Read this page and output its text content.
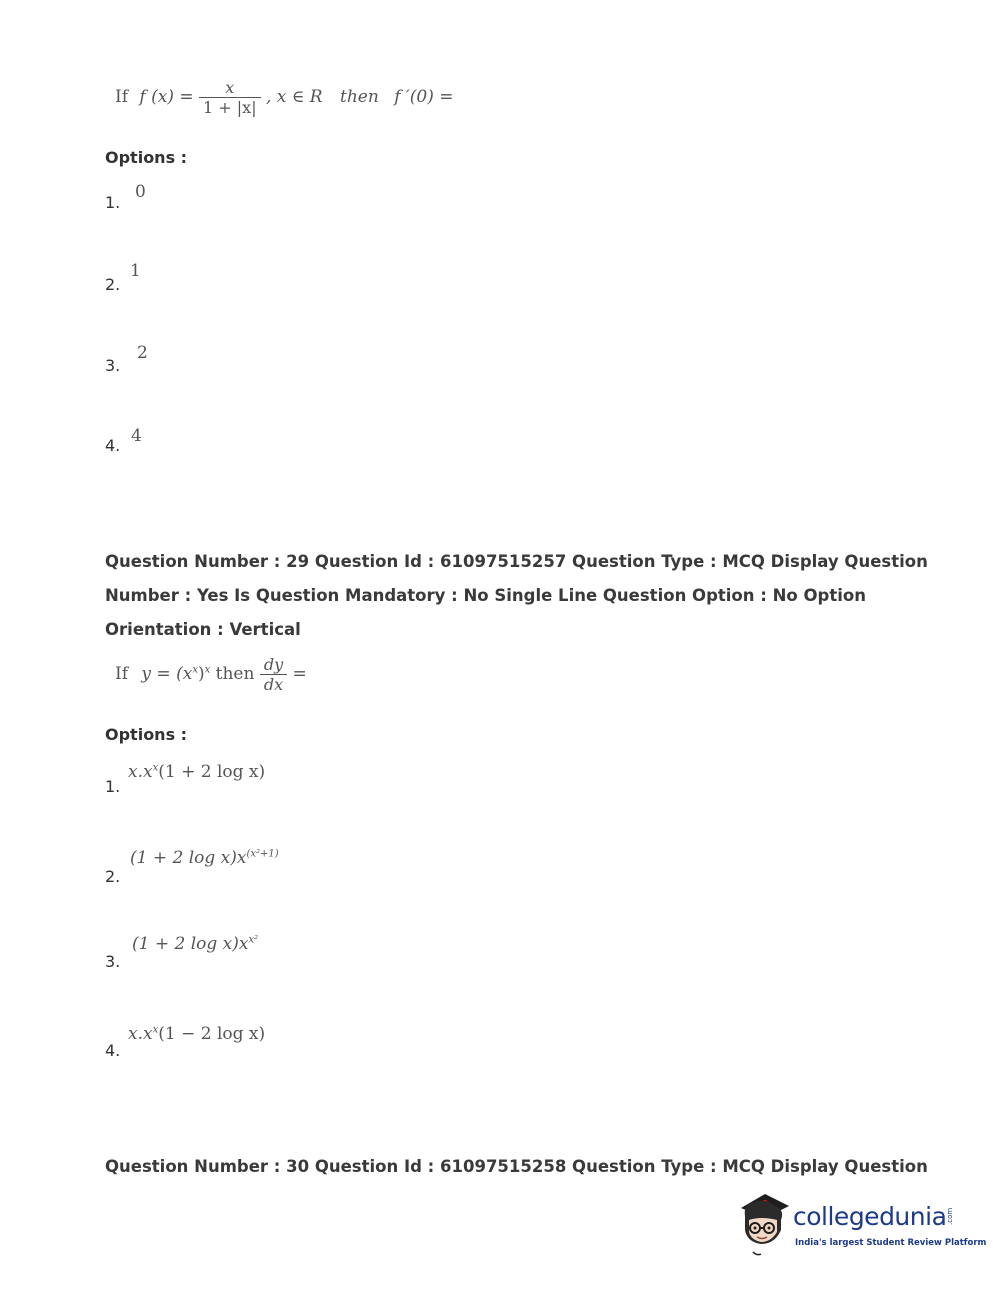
If f $(x) = \frac{x}{1 + |x|}$ , x ∈ R then f ′(0) =
Options :
1.
0
2.
1
3.
2
4. 4
Question Number : 29 Question Id : 61097515257 Question Type : MCQ Display Question
Number : Yes Is Question Mandatory : No Single Line Question Option : No Option
Orientation : Vertical
If $y = (x^x)^x$ then $\frac{dy}{dx}$ =
Options :
1.
$x.x^x(1 + 2$ log x)
2.
(1 + 2 $\log x)x^{(x^2+1)}$
3.
(1 + 2 $\log x)x^{x^2}$
4.
$x.x^x(1 - 2$ log x)
Question Number : 30 Question Id : 61097515258 Question Type : MCQ Display Question
collegedunia.com
India's largest Student Review Platform
